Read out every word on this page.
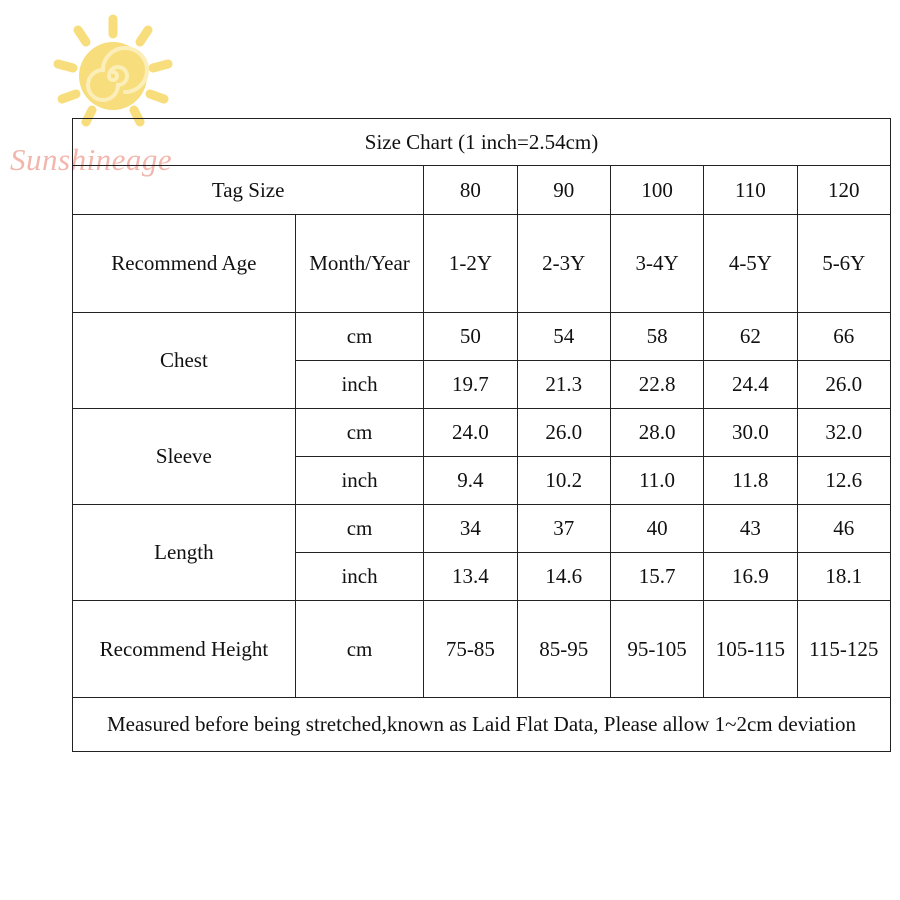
Sunshineage
Size Chart (1 inch=2.54cm)						
Tag Size		80	90	100	110	120
Recommend Age	Month/Year	1-2Y	2-3Y	3-4Y	4-5Y	5-6Y
Chest	cm	50	54	58	62	66
	inch	19.7	21.3	22.8	24.4	26.0
Sleeve	cm	24.0	26.0	28.0	30.0	32.0
	inch	9.4	10.2	11.0	11.8	12.6
Length	cm	34	37	40	43	46
	inch	13.4	14.6	15.7	16.9	18.1
Recommend Height	cm	75-85	85-95	95-105	105-115	115-125
Measured before being stretched,known as Laid Flat Data, Please allow 1~2cm deviation						
